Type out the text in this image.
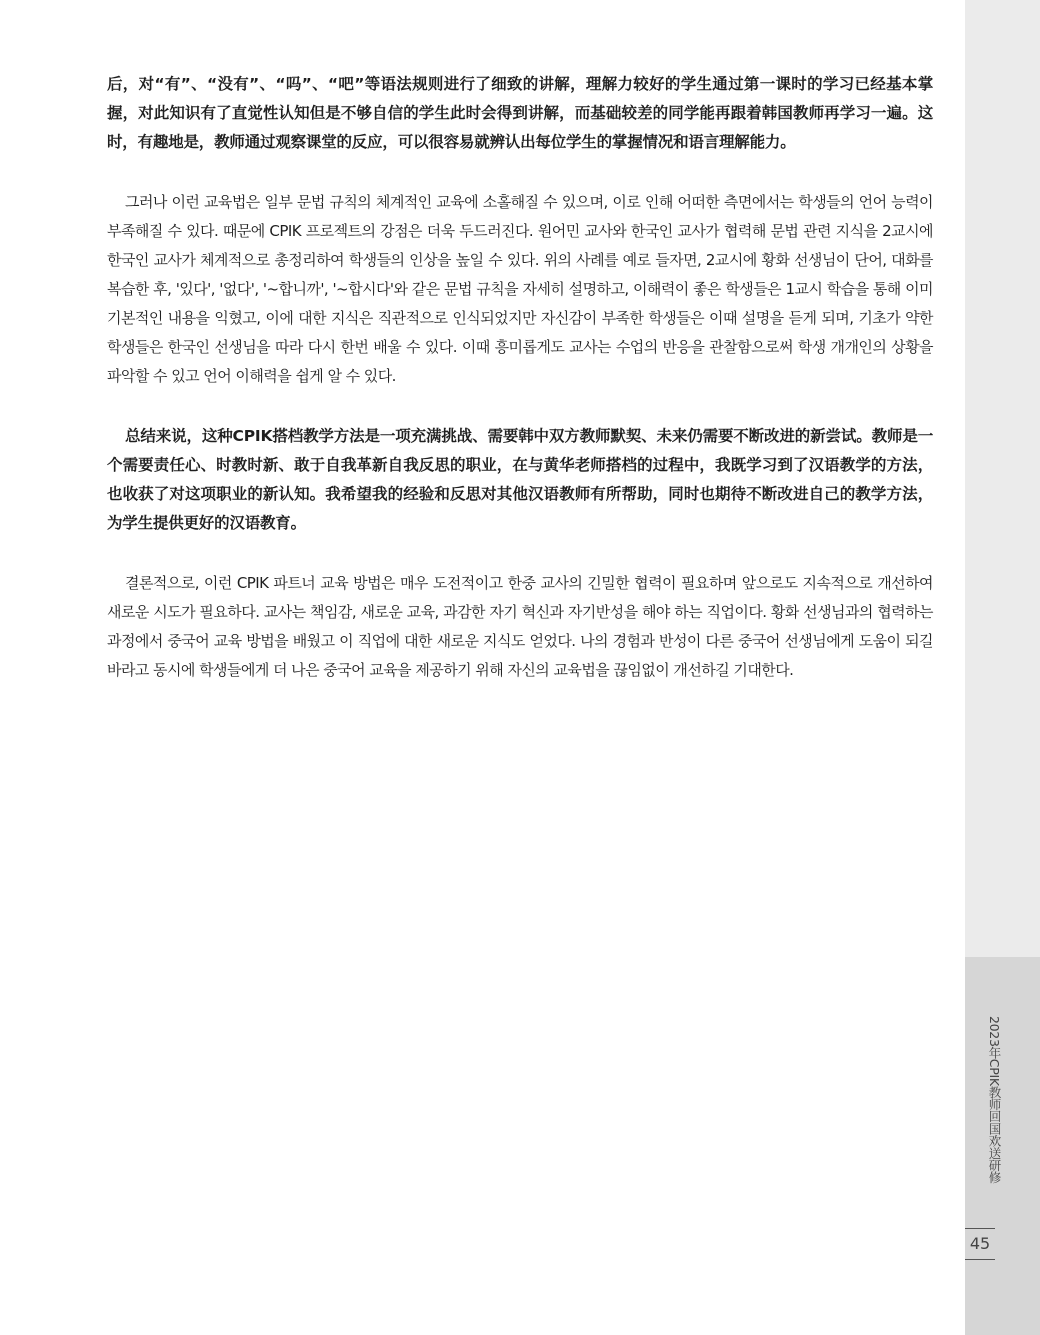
后，对“有”、“没有”、“吗”、“吧”等语法规则进行了细致的讲解，理解力较好的学生通过第一课时的学习已经基本掌握，对此知识有了直觉性认知但是不够自信的学生此时会得到讲解，而基础较差的同学能再跟着韩国教师再学习一遍。这时，有趣地是，教师通过观察课堂的反应，可以很容易就辨认出每位学生的掌握情况和语言理解能力。

그러나 이런 교육법은 일부 문법 규칙의 체계적인 교육에 소홀해질 수 있으며, 이로 인해 어떠한 측면에서는 학생들의 언어 능력이 부족해질 수 있다. 때문에 CPIK 프로젝트의 강점은 더욱 두드러진다. 원어민 교사와 한국인 교사가 협력해 문법 관련 지식을 2교시에 한국인 교사가 체계적으로 총정리하여 학생들의 인상을 높일 수 있다. 위의 사례를 예로 들자면, 2교시에 황화 선생님이 단어, 대화를 복습한 후, '있다', '없다', '~합니까', '~합시다'와 같은 문법 규칙을 자세히 설명하고, 이해력이 좋은 학생들은 1교시 학습을 통해 이미 기본적인 내용을 익혔고, 이에 대한 지식은 직관적으로 인식되었지만 자신감이 부족한 학생들은 이때 설명을 듣게 되며, 기초가 약한 학생들은 한국인 선생님을 따라 다시 한번 배울 수 있다. 이때 흥미롭게도 교사는 수업의 반응을 관찰함으로써 학생 개개인의 상황을 파악할 수 있고 언어 이해력을 쉽게 알 수 있다.

总结来说，这种CPIK搭档教学方法是一项充满挑战、需要韩中双方教师默契、未来仍需要不断改进的新尝试。教师是一个需要责任心、时教时新、敢于自我革新自我反思的职业，在与黄华老师搭档的过程中，我既学习到了汉语教学的方法，也收获了对这项职业的新认知。我希望我的经验和反思对其他汉语教师有所帮助，同时也期待不断改进自己的教学方法，为学生提供更好的汉语教育。

결론적으로, 이런 CPIK 파트너 교육 방법은 매우 도전적이고 한중 교사의 긴밀한 협력이 필요하며 앞으로도 지속적으로 개선하여 새로운 시도가 필요하다. 교사는 책임감, 새로운 교육, 과감한 자기 혁신과 자기반성을 해야 하는 직업이다. 황화 선생님과의 협력하는 과정에서 중국어 교육 방법을 배웠고 이 직업에 대한 새로운 지식도 얻었다. 나의 경험과 반성이 다른 중국어 선생님에게 도움이 되길 바라고 동시에 학생들에게 더 나은 중국어 교육을 제공하기 위해 자신의 교육법을 끊임없이 개선하길 기대한다.

2023年CPIK教师回国欢送研修
45
